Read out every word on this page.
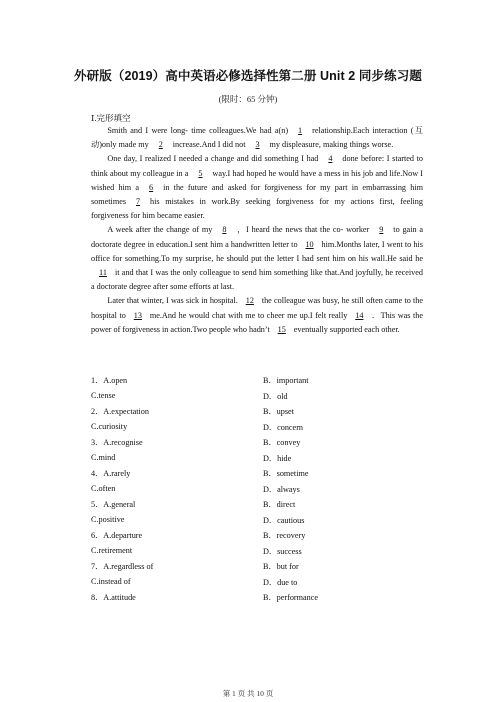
外研版（2019）高中英语必修选择性第二册 Unit 2 同步练习题
(限时：65 分钟)
Ⅰ.完形填空

  Smith and I were long- time colleagues.We had a(n) 1 relationship.Each interaction (互动)only made my 2 increase.And I did not 3 my displeasure, making things worse.

  One day, I realized I needed a change and did something I had 4 done before: I started to think about my colleague in a 5 way.I had hoped he would have a mess in his job and life.Now I wished him a 6 in the future and asked for forgiveness for my part in embarrassing him sometimes 7 his mistakes in work.By seeking forgiveness for my actions first, feeling forgiveness for him became easier.

  A week after the change of my 8 ，I heard the news that the co- worker 9 to gain a doctorate degree in education.I sent him a handwritten letter to 10 him.Months later, I went to his office for something.To my surprise, he should put the letter I had sent him on his wall.He said he11 it and that I was the only colleague to send him something like that.And joyfully, he received a doctorate degree after some efforts at last.

  Later that winter, I was sick in hospital. 12 the colleague was busy, he still often came to the hospital to 13 me.And he would chat with me to cheer me up.I felt really 14 ．This was the power of forgiveness in action.Two people who hadn’t 15 eventually supported each other.

1．A.open	B．important
C.tense	D．old
2．A.expectation	B．upset
C.curiosity	D．concern
3．A.recognise	B．convey
C.mind	D．hide
4．A.rarely	B．sometime
C.often	D．always
5．A.general	B．direct
C.positive	D．cautious
6．A.departure	B．recovery
C.retirement	D．success
7．A.regardless of	B．but for
C.instead of	D．due to
8．A.attitude	B．performance
第 1 页 共 10 页
